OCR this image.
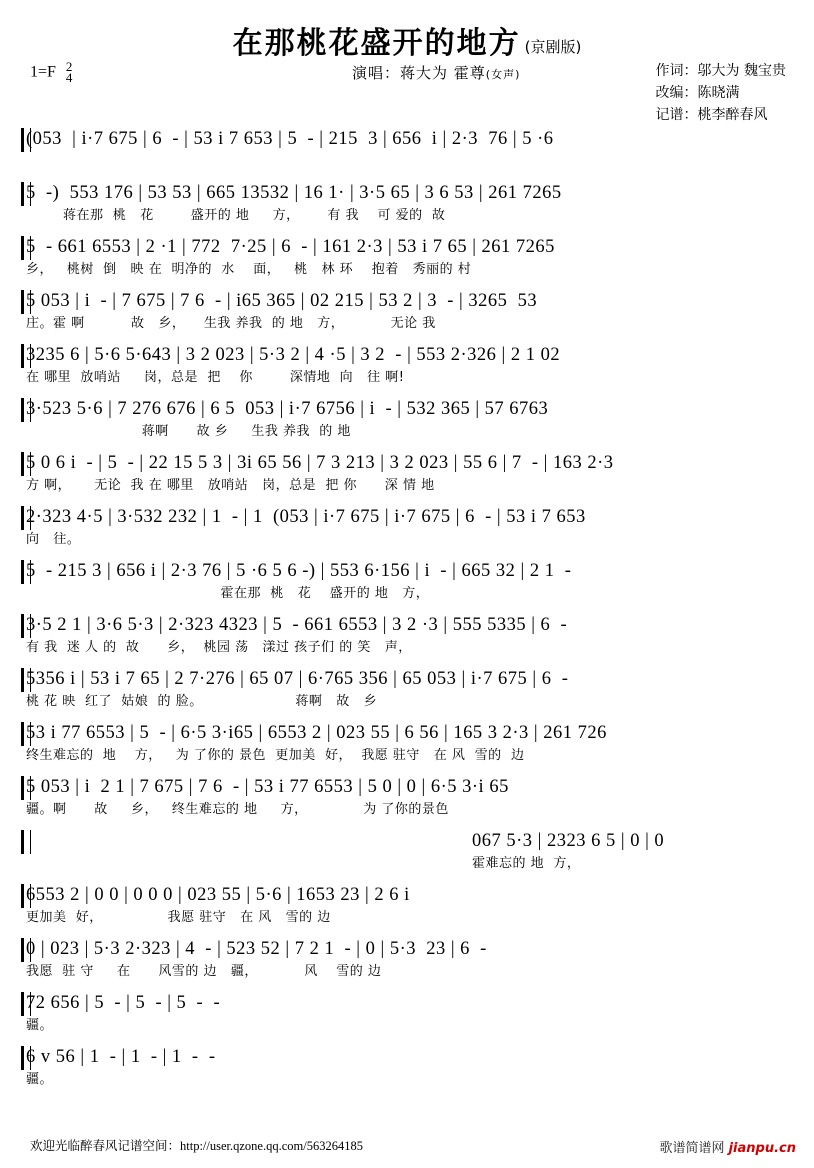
在那桃花盛开的地方 (京剧版)
1=F 2
4	演唱：蒋大为 霍尊(女声)	作词：邬大为 魏宝贵
改编：陈晓满
记谱：桃李醉春风
(053  | i·7 675 | 6  - | 53 i 7 653 | 5  - | 215  3 | 656  i | 2·3  76 | 5 ·6
5  -)  553 176 | 53 53 | 665 13532 | 16 1· | 3·5 65 | 3 6 53 | 261 7265
蒋在那  桃   花        盛开的 地     方，      有 我    可 爱的  故
5  - 661 6553 | 2 ·1 | 772  7·25 | 6  - | 161 2·3 | 53 i 7 65 | 261 7265
乡，   桃树  倒   映 在  明净的  水    面，   桃   林 环    抱着   秀丽的 村
5 053 | i  - | 7 675 | 7 6  - | i65 365 | 02 215 | 53 2 | 3  - | 3265  53
庄。霍 啊          故   乡，    生我 养我  的 地   方，          无论 我
3235 6 | 5·6 5·643 | 3 2 023 | 5·3 2 | 4 ·5 | 3 2  - | 553 2·326 | 2 1 02
在 哪里  放哨站     岗，总是  把    你        深情地  向   往 啊!
3·523 5·6 | 7 276 676 | 6 5  053 | i·7 6756 | i  - | 532 365 | 57 6763
蒋啊      故 乡     生我 养我  的 地
5 0 6 i  - | 5  - | 22 15 5 3 | 3i 65 56 | 7 3 213 | 3 2 023 | 55 6 | 7  - | 163 2·3
方 啊，     无论  我 在 哪里   放哨站   岗，总是  把 你      深 情 地
2·323 4·5 | 3·532 232 | 1  - | 1  (053 | i·7 675 | i·7 675 | 6  - | 53 i 7 653
向   往。
5  - 215 3 | 656 i | 2·3 76 | 5 ·6 5 6 -) | 553 6·156 | i  - | 665 32 | 2 1  -
霍在那  桃   花    盛开的 地   方，
3·5 2 1 | 3·6 5·3 | 2·323 4323 | 5  - 661 6553 | 3 2 ·3 | 555 5335 | 6  -
有 我  迷 人 的  故      乡，  桃园 荡   漾过 孩子们 的 笑   声，
5356 i | 53 i 7 65 | 2 7·276 | 65 07 | 6·765 356 | 65 053 | i·7 675 | 6  -
桃 花 映  红了  姑娘  的 脸。                    蒋啊   故   乡
53 i 77 6553 | 5  - | 6·5 3·i65 | 6553 2 | 023 55 | 6 56 | 165 3 2·3 | 261 726
终生难忘的  地    方，   为 了你的 景色  更加美  好，  我愿 驻守   在 风  雪的  边
5 053 | i  2 1 | 7 675 | 7 6  - | 53 i 77 6553 | 5 0 | 0 | 6·5 3·i 65
疆。啊      故     乡，   终生难忘的 地     方，            为 了你的景色
067 5·3 | 2323 6 5 | 0 | 0
霍难忘的 地  方，
6553 2 | 0 0 | 0 0 0 | 023 55 | 5·6 | 1653 23 | 2 6 i
更加美  好，              我愿 驻守   在 风   雪的 边
0 | 023 | 5·3 2·323 | 4  - | 523 52 | 7 2 1  - | 0 | 5·3  23 | 6  -
我愿  驻 守     在      风雪的 边   疆，          风    雪的 边
72 656 | 5  - | 5  - | 5  -  -
疆。
6 v 56 | 1  - | 1  - | 1  -  -
疆。
欢迎光临醉春风记谱空间：http://user.qzone.qq.com/563264185	歌谱简谱网 jianpu.cn
